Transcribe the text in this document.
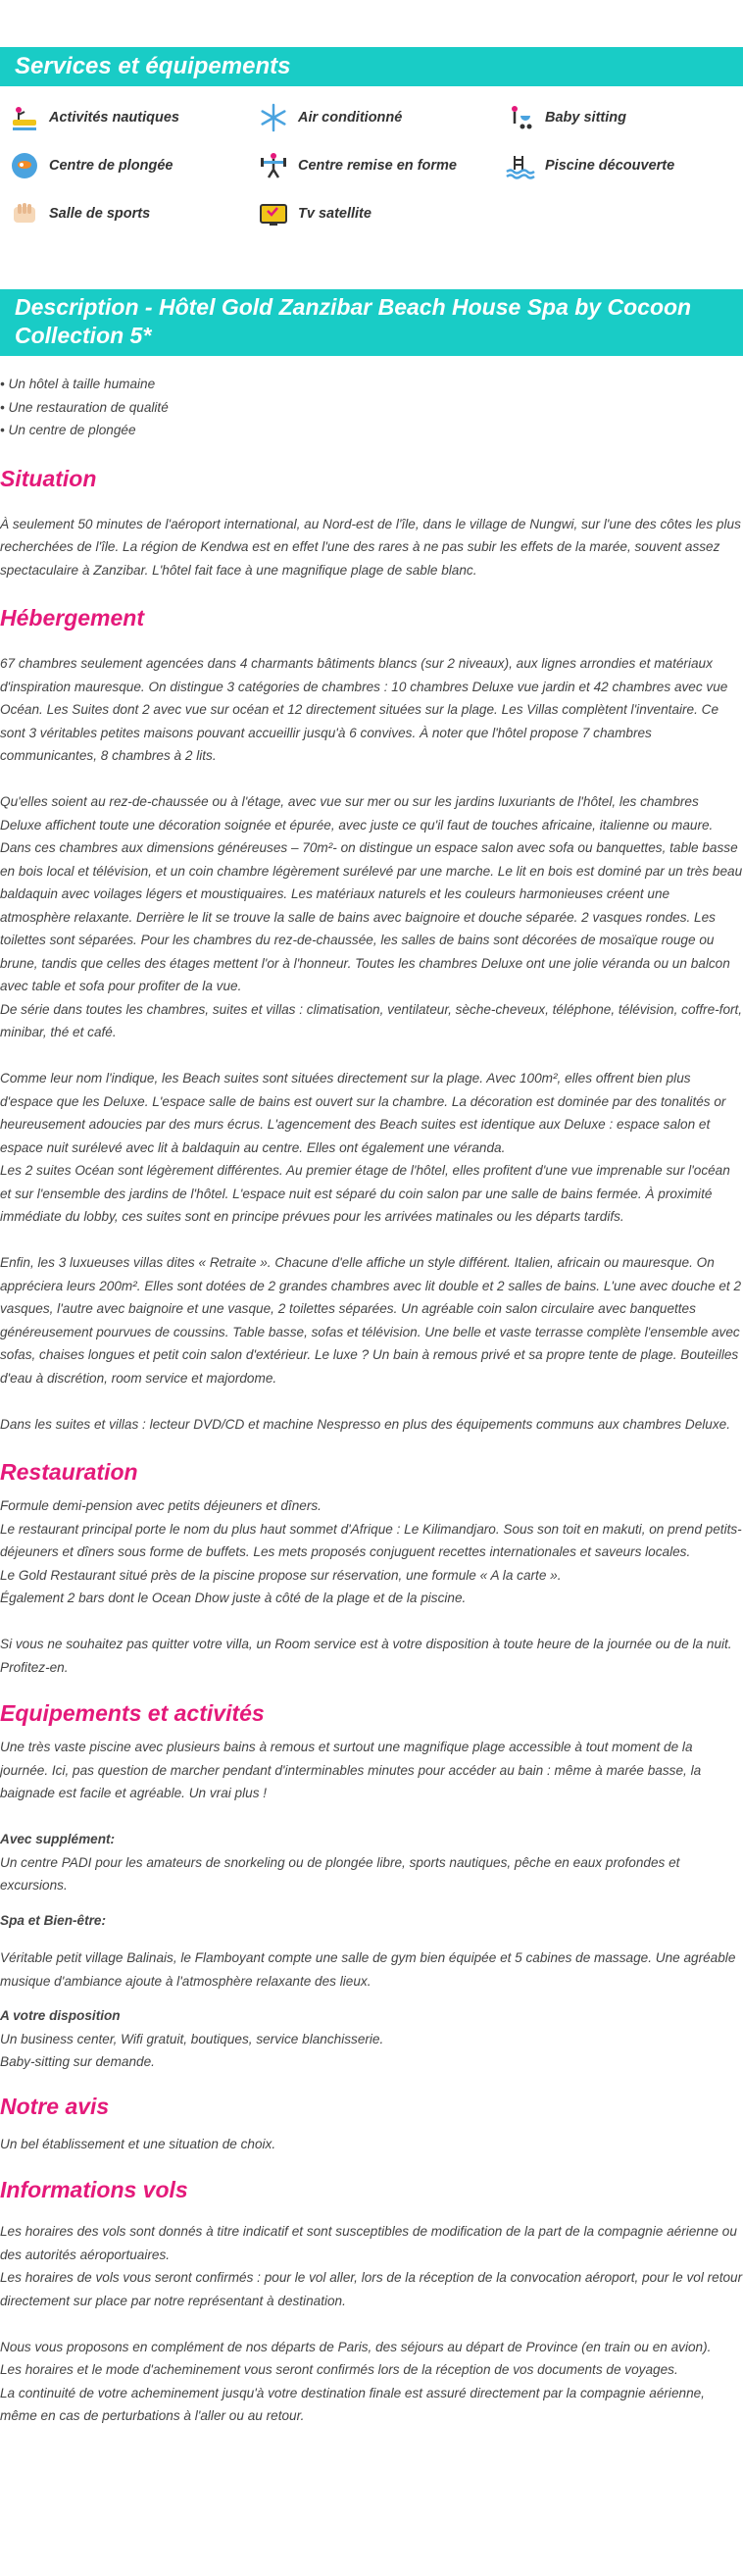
Services et équipements
Activités nautiques	Air conditionné	Baby sitting
Centre de plongée	Centre remise en forme	Piscine découverte
Salle de sports	Tv satellite
Description - Hôtel Gold Zanzibar Beach House Spa by Cocoon Collection 5*
• Un hôtel à taille humaine
• Une restauration de qualité
• Un centre de plongée
Situation

À seulement 50 minutes de l'aéroport international, au Nord-est de l'île, dans le village de Nungwi, sur l'une des côtes les plus recherchées de l'île. La région de Kendwa est en effet l'une des rares à ne pas subir les effets de la marée, souvent assez spectaculaire à Zanzibar. L'hôtel fait face à une magnifique plage de sable blanc.

Hébergement

67 chambres seulement agencées dans 4 charmants bâtiments blancs (sur 2 niveaux), aux lignes arrondies et matériaux d'inspiration mauresque. On distingue 3 catégories de chambres : 10 chambres Deluxe vue jardin et 42 chambres avec vue Océan. Les Suites dont 2 avec vue sur océan et 12 directement situées sur la plage. Les Villas complètent l'inventaire. Ce sont 3 véritables petites maisons pouvant accueillir jusqu'à 6 convives. À noter que l'hôtel propose 7 chambres communicantes, 8 chambres à 2 lits.

Qu'elles soient au rez-de-chaussée ou à l'étage, avec vue sur mer ou sur les jardins luxuriants de l'hôtel, les chambres Deluxe affichent toute une décoration soignée et épurée, avec juste ce qu'il faut de touches africaine, italienne ou maure. Dans ces chambres aux dimensions généreuses – 70m²- on distingue un espace salon avec sofa ou banquettes, table basse en bois local et télévision, et un coin chambre légèrement surélevé par une marche. Le lit en bois est dominé par un très beau baldaquin avec voilages légers et moustiquaires. Les matériaux naturels et les couleurs harmonieuses créent une atmosphère relaxante. Derrière le lit se trouve la salle de bains avec baignoire et douche séparée. 2 vasques rondes. Les toilettes sont séparées. Pour les chambres du rez-de-chaussée, les salles de bains sont décorées de mosaïque rouge ou brune, tandis que celles des étages mettent l'or à l'honneur. Toutes les chambres Deluxe ont une jolie véranda ou un balcon avec table et sofa pour profiter de la vue.

De série dans toutes les chambres, suites et villas : climatisation, ventilateur, sèche-cheveux, téléphone, télévision, coffre-fort, minibar, thé et café.

Comme leur nom l'indique, les Beach suites sont situées directement sur la plage. Avec 100m², elles offrent bien plus d'espace que les Deluxe. L'espace salle de bains est ouvert sur la chambre. La décoration est dominée par des tonalités or heureusement adoucies par des murs écrus. L'agencement des Beach suites est identique aux Deluxe : espace salon et espace nuit surélevé avec lit à baldaquin au centre. Elles ont également une véranda.

Les 2 suites Océan sont légèrement différentes. Au premier étage de l'hôtel, elles profitent d'une vue imprenable sur l'océan et sur l'ensemble des jardins de l'hôtel. L'espace nuit est séparé du coin salon par une salle de bains fermée. À proximité immédiate du lobby, ces suites sont en principe prévues pour les arrivées matinales ou les départs tardifs.

Enfin, les 3 luxueuses villas dites « Retraite ». Chacune d'elle affiche un style différent. Italien, africain ou mauresque. On appréciera leurs 200m². Elles sont dotées de 2 grandes chambres avec lit double et 2 salles de bains. L'une avec douche et 2 vasques, l'autre avec baignoire et une vasque, 2 toilettes séparées. Un agréable coin salon circulaire avec banquettes généreusement pourvues de coussins. Table basse, sofas et télévision. Une belle et vaste terrasse complète l'ensemble avec sofas, chaises longues et petit coin salon d'extérieur. Le luxe ? Un bain à remous privé et sa propre tente de plage. Bouteilles d'eau à discrétion, room service et majordome.

Dans les suites et villas : lecteur DVD/CD et machine Nespresso en plus des équipements communs aux chambres Deluxe.

Restauration

Formule demi-pension avec petits déjeuners et dîners.

Le restaurant principal porte le nom du plus haut sommet d'Afrique : Le Kilimandjaro. Sous son toit en makuti, on prend petits-déjeuners et dîners sous forme de buffets. Les mets proposés conjuguent recettes internationales et saveurs locales.

Le Gold Restaurant situé près de la piscine propose sur réservation, une formule « A la carte ».

Également 2 bars dont le Ocean Dhow juste à côté de la plage et de la piscine.

Si vous ne souhaitez pas quitter votre villa, un Room service est à votre disposition à toute heure de la journée ou de la nuit. Profitez-en.

Equipements et activités

Une très vaste piscine avec plusieurs bains à remous et surtout une magnifique plage accessible à tout moment de la journée. Ici, pas question de marcher pendant d'interminables minutes pour accéder au bain : même à marée basse, la baignade est facile et agréable. Un vrai plus !

Avec supplément:

Un centre PADI pour les amateurs de snorkeling ou de plongée libre, sports nautiques, pêche en eaux profondes et excursions.

Spa et Bien-être:

Véritable petit village Balinais, le Flamboyant compte une salle de gym bien équipée et 5 cabines de massage. Une agréable musique d'ambiance ajoute à l'atmosphère relaxante des lieux.

A votre disposition

Un business center, Wifi gratuit, boutiques, service blanchisserie.

Baby-sitting sur demande.

Notre avis

Un bel établissement et une situation de choix.

Informations vols

Les horaires des vols sont donnés à titre indicatif et sont susceptibles de modification de la part de la compagnie aérienne ou des autorités aéroportuaires.

Les horaires de vols vous seront confirmés : pour le vol aller, lors de la réception de la convocation aéroport, pour le vol retour directement sur place par notre représentant à destination.

Nous vous proposons en complément de nos départs de Paris, des séjours au départ de Province (en train ou en avion).

Les horaires et le mode d'acheminement vous seront confirmés lors de la réception de vos documents de voyages.

La continuité de votre acheminement jusqu'à votre destination finale est assuré directement par la compagnie aérienne, même en cas de perturbations à l'aller ou au retour.
